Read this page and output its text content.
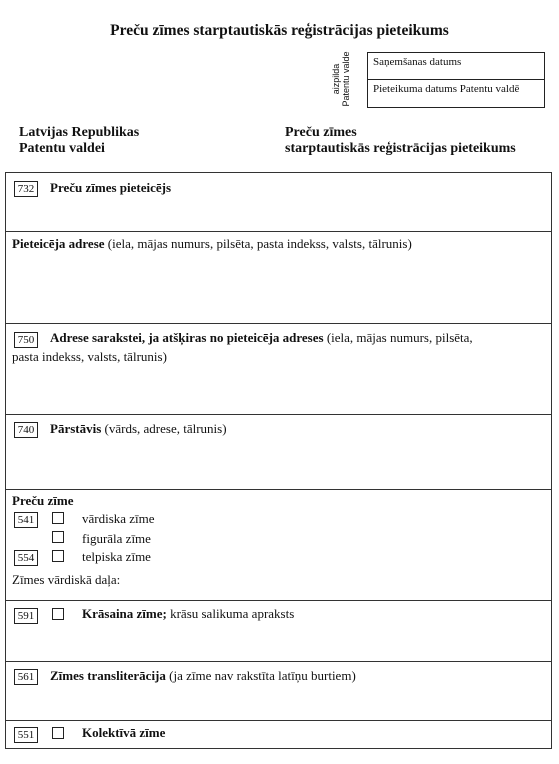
Preču zīmes starptautiskās reģistrācijas pieteikums
aizpilda Patentu valde	Saņemšanas datums
Pieteikuma datums Patentu valdē
Latvijas Republikas
Patentu valdei
Preču zīmes
starptautiskās reģistrācijas pieteikums
732 Preču zīmes pieteicējs
Pieteicēja adrese (iela, mājas numurs, pilsēta, pasta indekss, valsts, tālrunis)
750 Adrese sarakstei, ja atšķiras no pieteicēja adreses (iela, mājas numurs, pilsēta,
pasta indekss, valsts, tālrunis)
740 Pārstāvis (vārds, adrese, tālrunis)
Preču zīme
541	vārdiska zīme
figurāla zīme
554	telpiska zīme
Zīmes vārdiskā daļa:
591	Krāsaina zīme; krāsu salikuma apraksts
561 Zīmes transliterācija (ja zīme nav rakstīta latīņu burtiem)
551	Kolektīvā zīme
